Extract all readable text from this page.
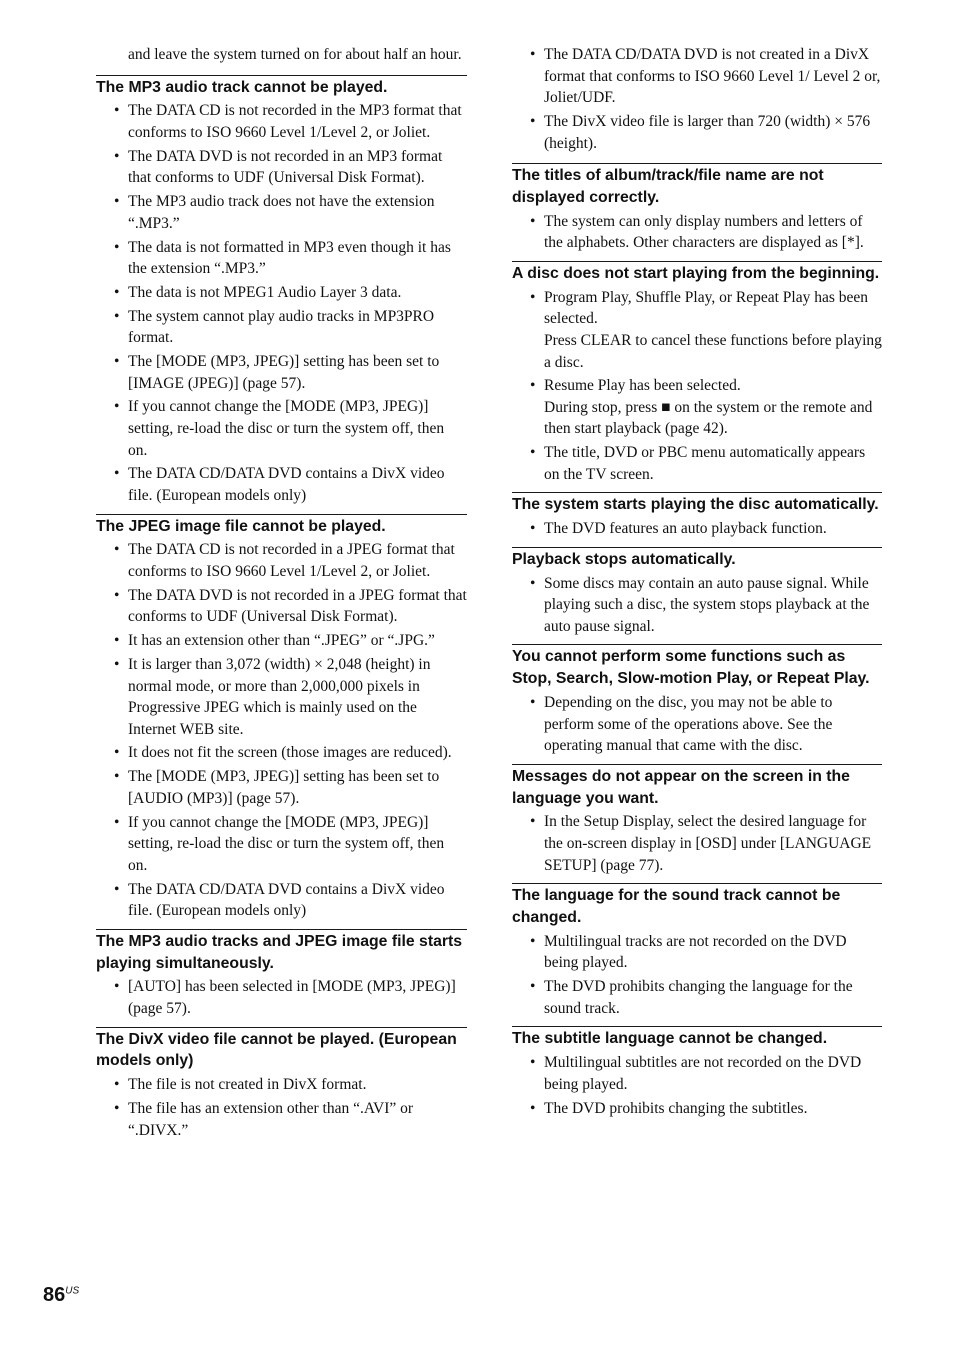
and leave the system turned on for about half an hour.

The MP3 audio track cannot be played.
• The DATA CD is not recorded in the MP3 format that conforms to ISO 9660 Level 1/Level 2, or Joliet.
• The DATA DVD is not recorded in an MP3 format that conforms to UDF (Universal Disk Format).
• The MP3 audio track does not have the extension “.MP3.”
• The data is not formatted in MP3 even though it has the extension “.MP3.”
• The data is not MPEG1 Audio Layer 3 data.
• The system cannot play audio tracks in MP3PRO format.
• The [MODE (MP3, JPEG)] setting has been set to [IMAGE (JPEG)] (page 57).
• If you cannot change the [MODE (MP3, JPEG)] setting, re-load the disc or turn the system off, then on.
• The DATA CD/DATA DVD contains a DivX video file. (European models only)
The JPEG image file cannot be played.
• The DATA CD is not recorded in a JPEG format that conforms to ISO 9660 Level 1/Level 2, or Joliet.
• The DATA DVD is not recorded in a JPEG format that conforms to UDF (Universal Disk Format).
• It has an extension other than “.JPEG” or “.JPG.”
• It is larger than 3,072 (width) × 2,048 (height) in normal mode, or more than 2,000,000 pixels in Progressive JPEG which is mainly used on the Internet WEB site.
• It does not fit the screen (those images are reduced).
• The [MODE (MP3, JPEG)] setting has been set to [AUDIO (MP3)] (page 57).
• If you cannot change the [MODE (MP3, JPEG)] setting, re-load the disc or turn the system off, then on.
• The DATA CD/DATA DVD contains a DivX video file. (European models only)
The MP3 audio tracks and JPEG image file starts playing simultaneously.
• [AUTO] has been selected in [MODE (MP3, JPEG)] (page 57).
The DivX video file cannot be played. (European models only)
• The file is not created in DivX format.
• The file has an extension other than “.AVI” or “.DIVX.”
• The DATA CD/DATA DVD is not created in a DivX format that conforms to ISO 9660 Level 1/ Level 2 or, Joliet/UDF.
• The DivX video file is larger than 720 (width) × 576 (height).
The titles of album/track/file name are not displayed correctly.
• The system can only display numbers and letters of the alphabets. Other characters are displayed as [*].
A disc does not start playing from the beginning.
• Program Play, Shuffle Play, or Repeat Play has been selected.
Press CLEAR to cancel these functions before playing a disc.
• Resume Play has been selected.
During stop, press ■ on the system or the remote and then start playback (page 42).
• The title, DVD or PBC menu automatically appears on the TV screen.
The system starts playing the disc automatically.
• The DVD features an auto playback function.
Playback stops automatically.
• Some discs may contain an auto pause signal. While playing such a disc, the system stops playback at the auto pause signal.
You cannot perform some functions such as Stop, Search, Slow-motion Play, or Repeat Play.
• Depending on the disc, you may not be able to perform some of the operations above. See the operating manual that came with the disc.
Messages do not appear on the screen in the language you want.
• In the Setup Display, select the desired language for the on-screen display in [OSD] under [LANGUAGE SETUP] (page 77).
The language for the sound track cannot be changed.
• Multilingual tracks are not recorded on the DVD being played.
• The DVD prohibits changing the language for the sound track.
The subtitle language cannot be changed.
• Multilingual subtitles are not recorded on the DVD being played.
• The DVD prohibits changing the subtitles.
$86^{US}$
